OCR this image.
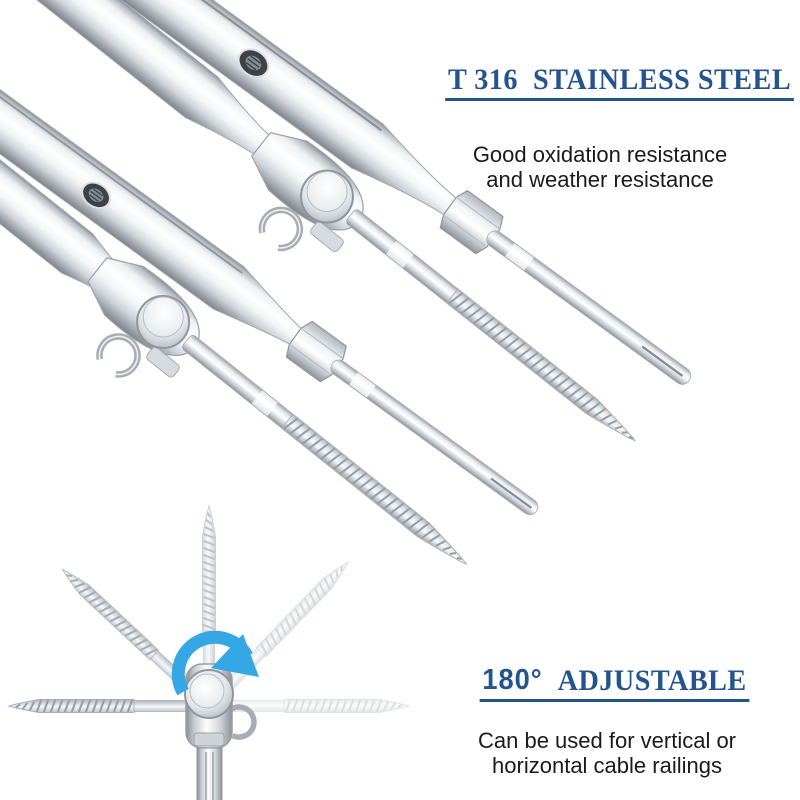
T 316  STAINLESS STEEL

Good oxidation resistance
and weather resistance

180° ADJUSTABLE

Can be used for vertical or
horizontal cable railings
